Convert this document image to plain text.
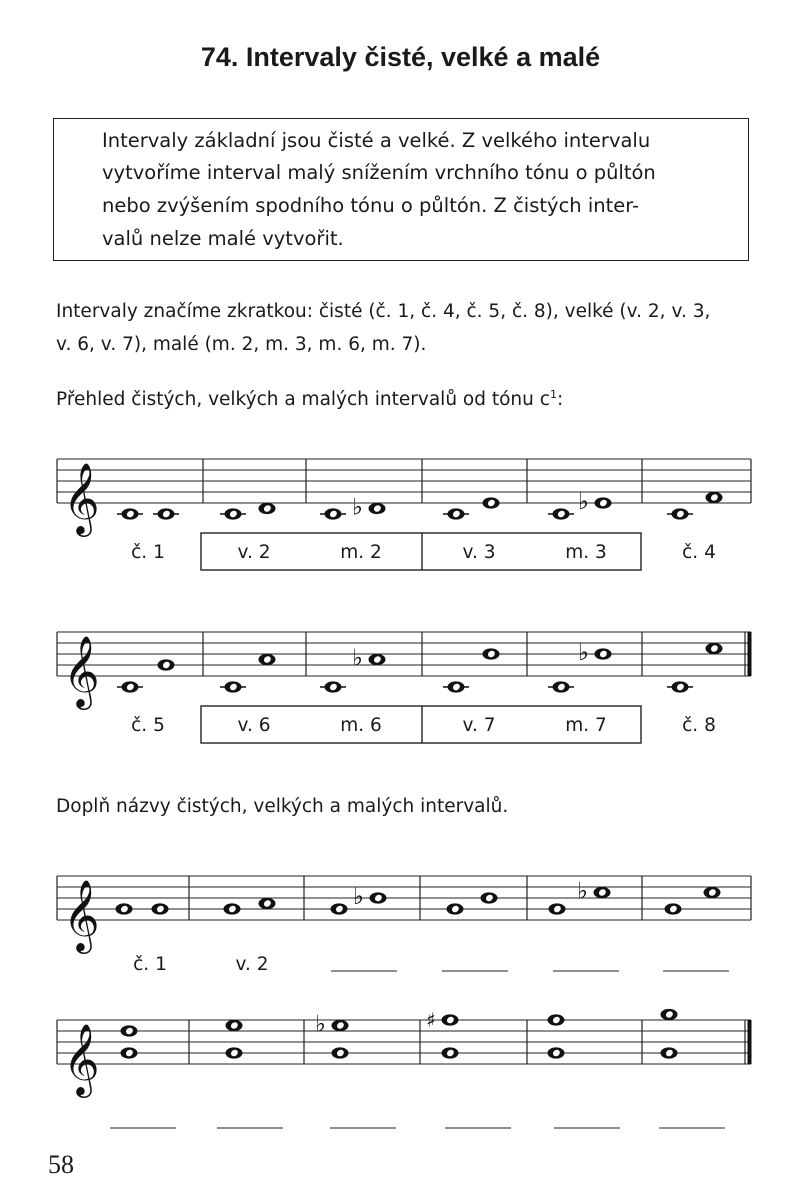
74. Intervaly čisté, velké a malé
Intervaly základní jsou čisté a velké. Z velkého intervalu
vytvoříme interval malý snížením vrchního tónu o půltón
nebo zvýšením spodního tónu o půltón. Z čistých inter-
valů nelze malé vytvořit.
Intervaly značíme zkratkou: čisté (č. 1, č. 4, č. 5, č. 8), velké (v. 2, v. 3,
v. 6, v. 7), malé (m. 2, m. 3, m. 6, m. 7).
Přehled čistých, velkých a malých intervalů od tónu $c^1$:
𝄞	♭	♭
č. 1	v. 2	m. 2	v. 3	m. 3	č. 4
𝄞	♭	♭
č. 5	v. 6	m. 6	v. 7	m. 7	č. 8
Doplň názvy čistých, velkých a malých intervalů.
𝄞	♭	♭
č. 1	v. 2
𝄞	♭	♯
58
